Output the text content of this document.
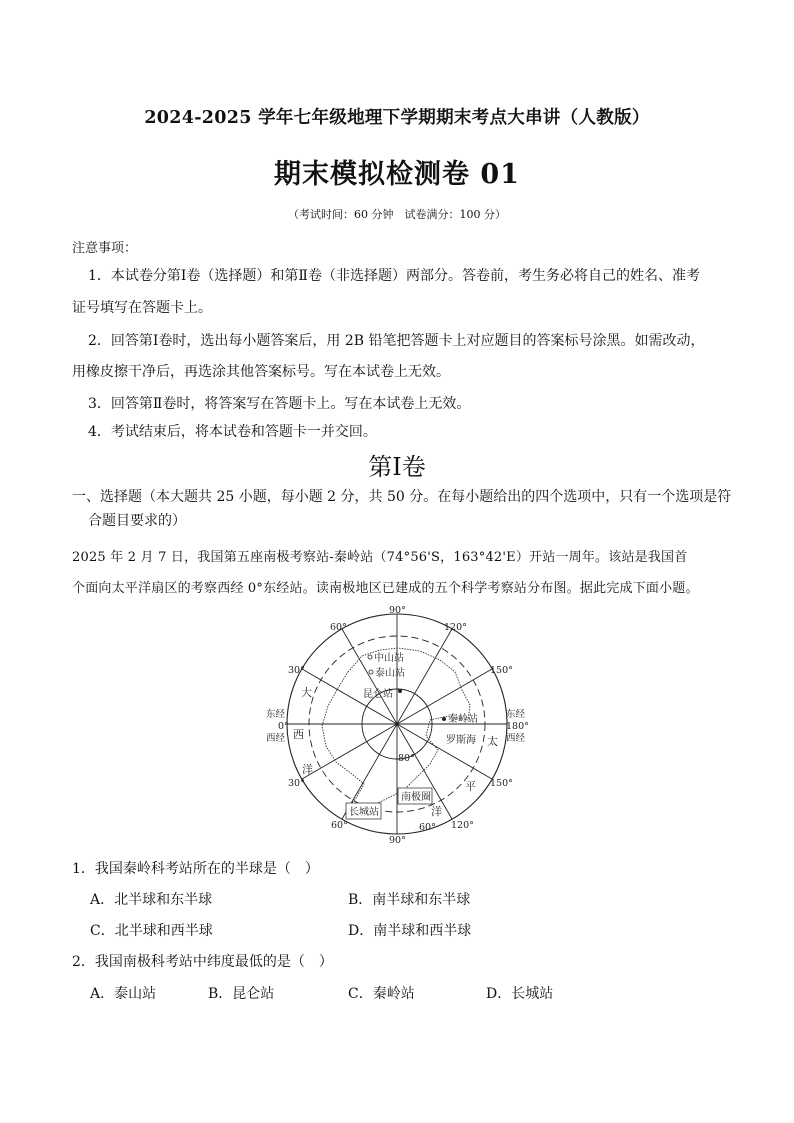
2024-2025 学年七年级地理下学期期末考点大串讲（人教版）
期末模拟检测卷 01
（考试时间：60 分钟　试卷满分：100 分）
注意事项：
1．本试卷分第Ⅰ卷（选择题）和第Ⅱ卷（非选择题）两部分。答卷前，考生务必将自己的姓名、准考
证号填写在答题卡上。
2．回答第Ⅰ卷时，选出每小题答案后，用 2B 铅笔把答题卡上对应题目的答案标号涂黑。如需改动，
用橡皮擦干净后，再选涂其他答案标号。写在本试卷上无效。
3．回答第Ⅱ卷时，将答案写在答题卡上。写在本试卷上无效。
4．考试结束后，将本试卷和答题卡一并交回。
第Ⅰ卷
一、选择题（本大题共 25 小题，每小题 2 分，共 50 分。在每小题给出的四个选项中，只有一个选项是符
合题目要求的）
2025 年 2 月 7 日，我国第五座南极考察站-秦岭站（74°56'S，163°42'E）开站一周年。该站是我国首
个面向太平洋扇区的考察西经 0°东经站。读南极地区已建成的五个科学考察站分布图。据此完成下面小题。
90°
90°
80°
60°	120°
30°	150°
东经
0°
西经
东经
180°
西经
30°	150°
60°	60° 120°
中山站
泰山站
昆仑站
秦岭站
罗斯海
南极圈
长城站
大
西
洋
太
平
洋
1．我国秦岭科考站所在的半球是（　）
A．北半球和东半球	B．南半球和东半球
C．北半球和西半球	D．南半球和西半球
2．我国南极科考站中纬度最低的是（　）
A．泰山站	B．昆仑站	C．秦岭站	D．长城站
